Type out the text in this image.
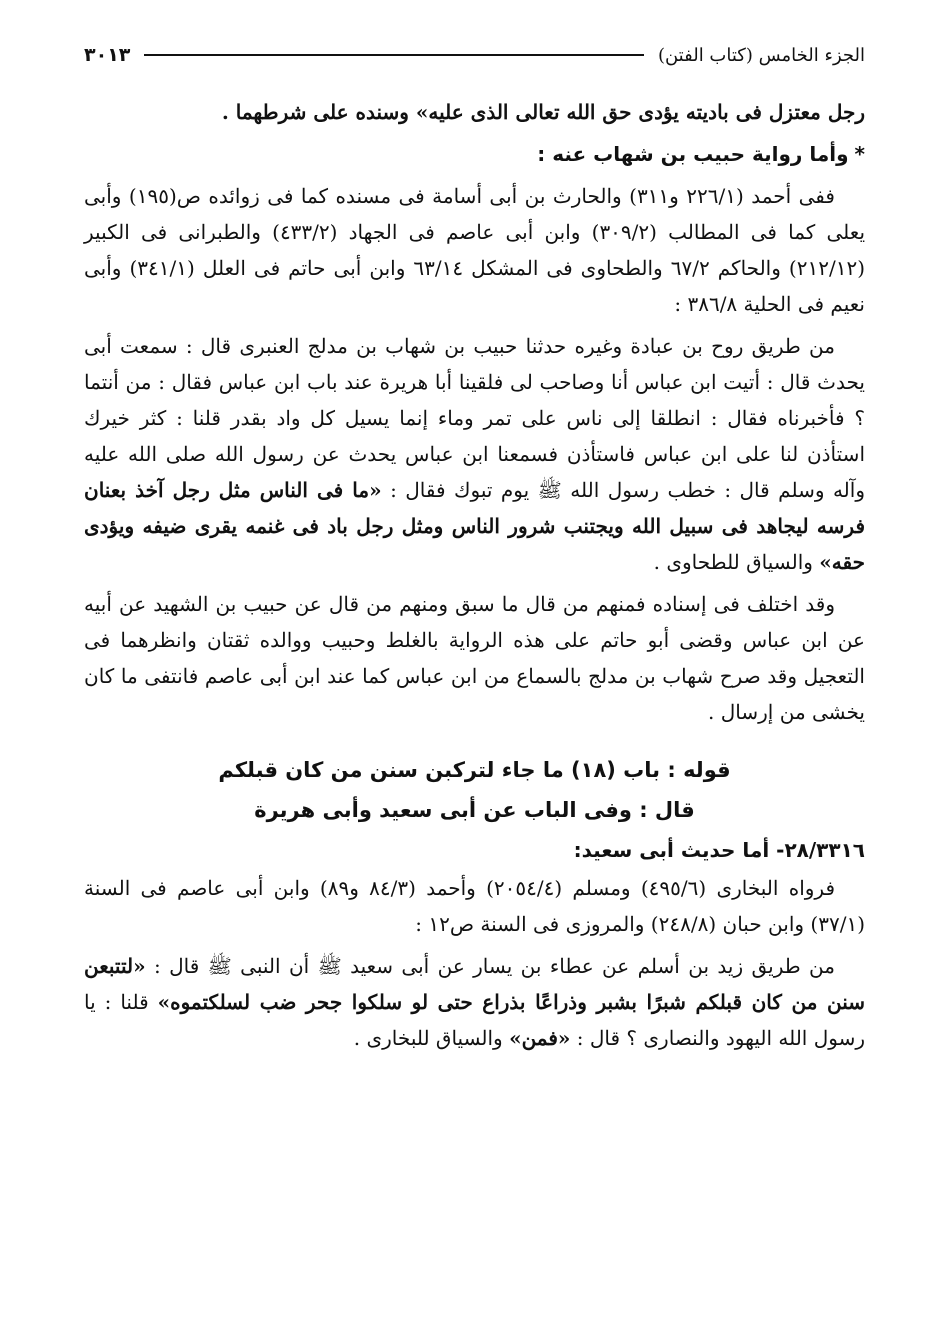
الجزء الخامس (كتاب الفتن)
٣٠١٣

رجل معتزل فى باديته يؤدى حق الله تعالى الذى عليه» وسنده على شرطهما .

*وأما رواية حبيب بن شهاب عنه :

ففى أحمد (٢٢٦/١ و٣١١) والحارث بن أبى أسامة فى مسنده كما فى زوائده ص(١٩٥) وأبى يعلى كما فى المطالب (٣٠٩/٢) وابن أبى عاصم فى الجهاد (٤٣٣/٢) والطبرانى فى الكبير (٢١٢/١٢) والحاكم ٦٧/٢ والطحاوى فى المشكل ٦٣/١٤ وابن أبى حاتم فى العلل (٣٤١/١) وأبى نعيم فى الحلية ٣٨٦/٨ :

من طريق روح بن عبادة وغيره حدثنا حبيب بن شهاب بن مدلج العنبرى قال : سمعت أبى يحدث قال : أتيت ابن عباس أنا وصاحب لى فلقينا أبا هريرة عند باب ابن عباس فقال : من أنتما ؟ فأخبرناه فقال : انطلقا إلى ناس على تمر وماء إنما يسيل كل واد بقدر قلنا : كثر خيرك استأذن لنا على ابن عباس فاستأذن فسمعنا ابن عباس يحدث عن رسول الله صلى الله عليه وآله وسلم قال : خطب رسول الله ﷺ يوم تبوك فقال : «ما فى الناس مثل رجل آخذ بعنان فرسه ليجاهد فى سبيل الله ويجتنب شرور الناس ومثل رجل باد فى غنمه يقرى ضيفه ويؤدى حقه» والسياق للطحاوى .

وقد اختلف فى إسناده فمنهم من قال ما سبق ومنهم من قال عن حبيب بن الشهيد عن أبيه عن ابن عباس وقضى أبو حاتم على هذه الرواية بالغلط وحبيب ووالده ثقتان وانظرهما فى التعجيل وقد صرح شهاب بن مدلج بالسماع من ابن عباس كما عند ابن أبى عاصم فانتفى ما كان يخشى من إرسال .

قوله : باب (١٨) ما جاء لتركبن سنن من كان قبلكم

قال : وفى الباب عن أبى سعيد وأبى هريرة

٢٨/٣٣١٦- أما حديث أبى سعيد:

فرواه البخارى (٤٩٥/٦) ومسلم (٢٠٥٤/٤) وأحمد (٨٤/٣ و٨٩) وابن أبى عاصم فى السنة (٣٧/١) وابن حبان (٢٤٨/٨) والمروزى فى السنة ص١٢ :

من طريق زيد بن أسلم عن عطاء بن يسار عن أبى سعيد ﷺ أن النبى ﷺ قال : «لتتبعن سنن من كان قبلكم شبرًا بشبر وذراعًا بذراع حتى لو سلكوا جحر ضب لسلكتموه» قلنا : يا رسول الله اليهود والنصارى ؟ قال : «فمن» والسياق للبخارى .
